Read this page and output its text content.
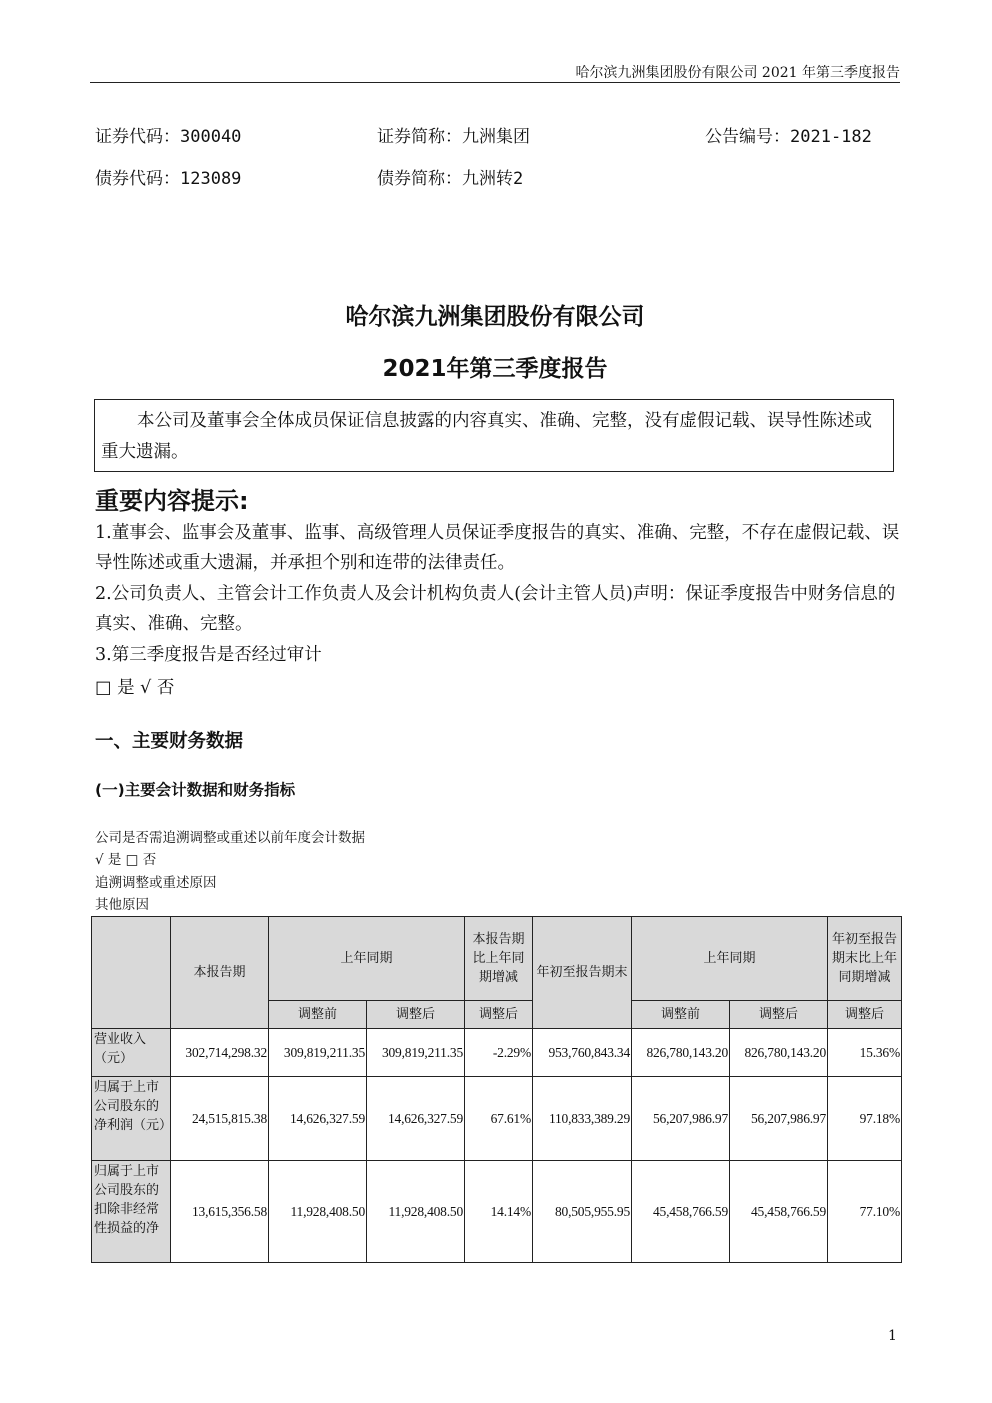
哈尔滨九洲集团股份有限公司 2021 年第三季度报告
证券代码：300040	证券简称：九洲集团	公告编号：2021-182
债券代码：123089	债券简称：九洲转2
哈尔滨九洲集团股份有限公司
2021年第三季度报告

本公司及董事会全体成员保证信息披露的内容真实、准确、完整，没有虚假记载、误导性陈述或重大遗漏。

重要内容提示:
1.董事会、监事会及董事、监事、高级管理人员保证季度报告的真实、准确、完整，不存在虚假记载、误导性陈述或重大遗漏，并承担个别和连带的法律责任。
2.公司负责人、主管会计工作负责人及会计机构负责人(会计主管人员)声明：保证季度报告中财务信息的真实、准确、完整。
3.第三季度报告是否经过审计
□ 是 √ 否
一、主要财务数据
(一)主要会计数据和财务指标
公司是否需追溯调整或重述以前年度会计数据
√ 是 □ 否
追溯调整或重述原因
其他原因
	本报告期	上年同期		本报告期比上年同期增减	年初至报告期末	上年同期		年初至报告期末比上年同期增减
		调整前	调整后	调整后		调整前	调整后	调整后
营业收入（元）	302,714,298.32	309,819,211.35	309,819,211.35	-2.29%	953,760,843.34	826,780,143.20	826,780,143.20	15.36%
归属于上市公司股东的净利润（元）	24,515,815.38	14,626,327.59	14,626,327.59	67.61%	110,833,389.29	56,207,986.97	56,207,986.97	97.18%
归属于上市公司股东的扣除非经常性损益的净	13,615,356.58	11,928,408.50	11,928,408.50	14.14%	80,505,955.95	45,458,766.59	45,458,766.59	77.10%
1
